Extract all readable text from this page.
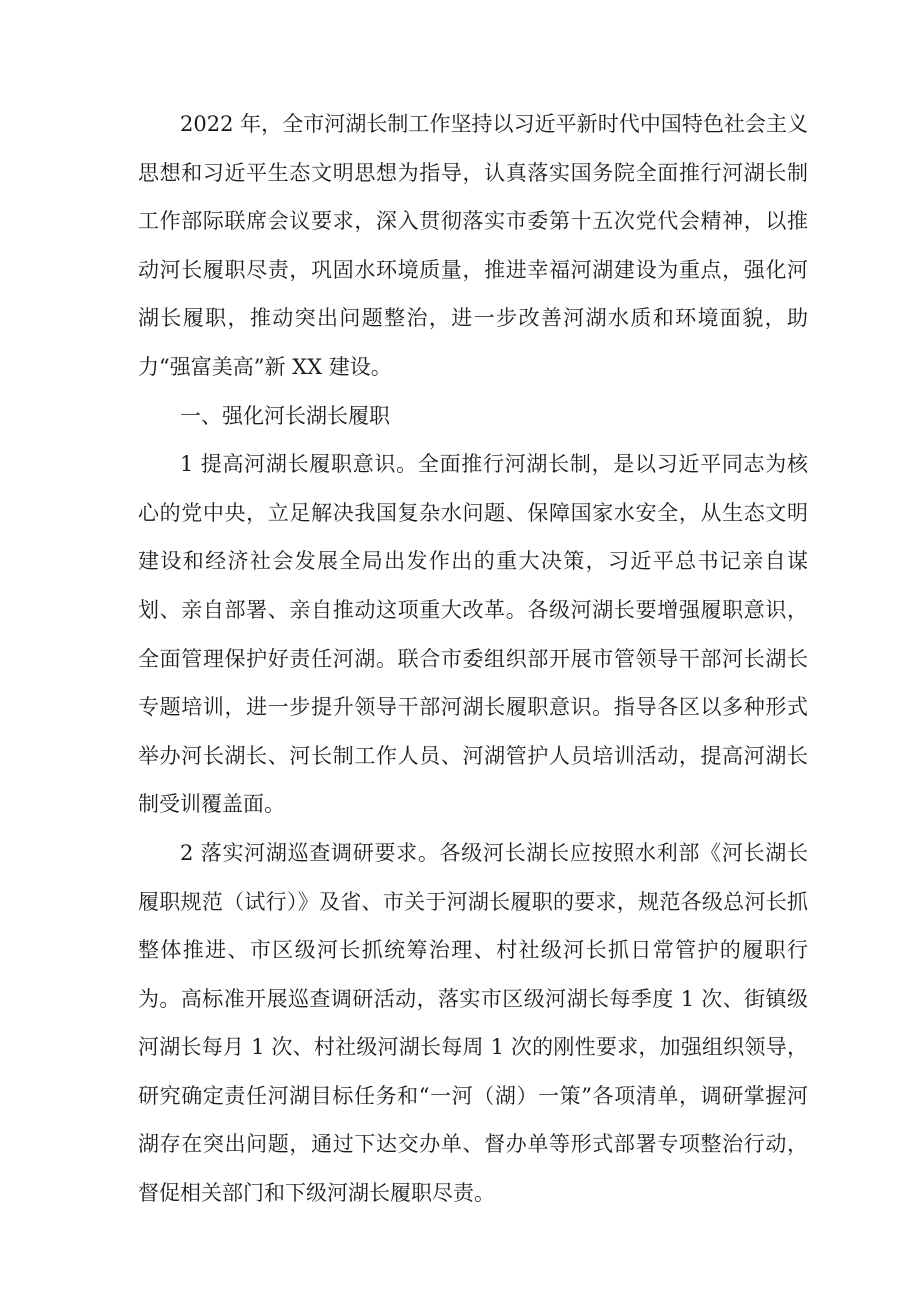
2022 年，全市河湖长制工作坚持以习近平新时代中国特色社会主义思想和习近平生态文明思想为指导，认真落实国务院全面推行河湖长制工作部际联席会议要求，深入贯彻落实市委第十五次党代会精神，以推动河长履职尽责，巩固水环境质量，推进幸福河湖建设为重点，强化河湖长履职，推动突出问题整治，进一步改善河湖水质和环境面貌，助力“强富美高”新 XX 建设。

一、强化河长湖长履职

1 提高河湖长履职意识。全面推行河湖长制，是以习近平同志为核心的党中央，立足解决我国复杂水问题、保障国家水安全，从生态文明建设和经济社会发展全局出发作出的重大决策，习近平总书记亲自谋划、亲自部署、亲自推动这项重大改革。各级河湖长要增强履职意识，全面管理保护好责任河湖。联合市委组织部开展市管领导干部河长湖长专题培训，进一步提升领导干部河湖长履职意识。指导各区以多种形式举办河长湖长、河长制工作人员、河湖管护人员培训活动，提高河湖长制受训覆盖面。

2 落实河湖巡查调研要求。各级河长湖长应按照水利部《河长湖长履职规范（试行）》及省、市关于河湖长履职的要求，规范各级总河长抓整体推进、市区级河长抓统筹治理、村社级河长抓日常管护的履职行为。高标准开展巡查调研活动，落实市区级河湖长每季度 1 次、街镇级河湖长每月 1 次、村社级河湖长每周 1 次的刚性要求，加强组织领导，研究确定责任河湖目标任务和“一河（湖）一策”各项清单，调研掌握河湖存在突出问题，通过下达交办单、督办单等形式部署专项整治行动，督促相关部门和下级河湖长履职尽责。
